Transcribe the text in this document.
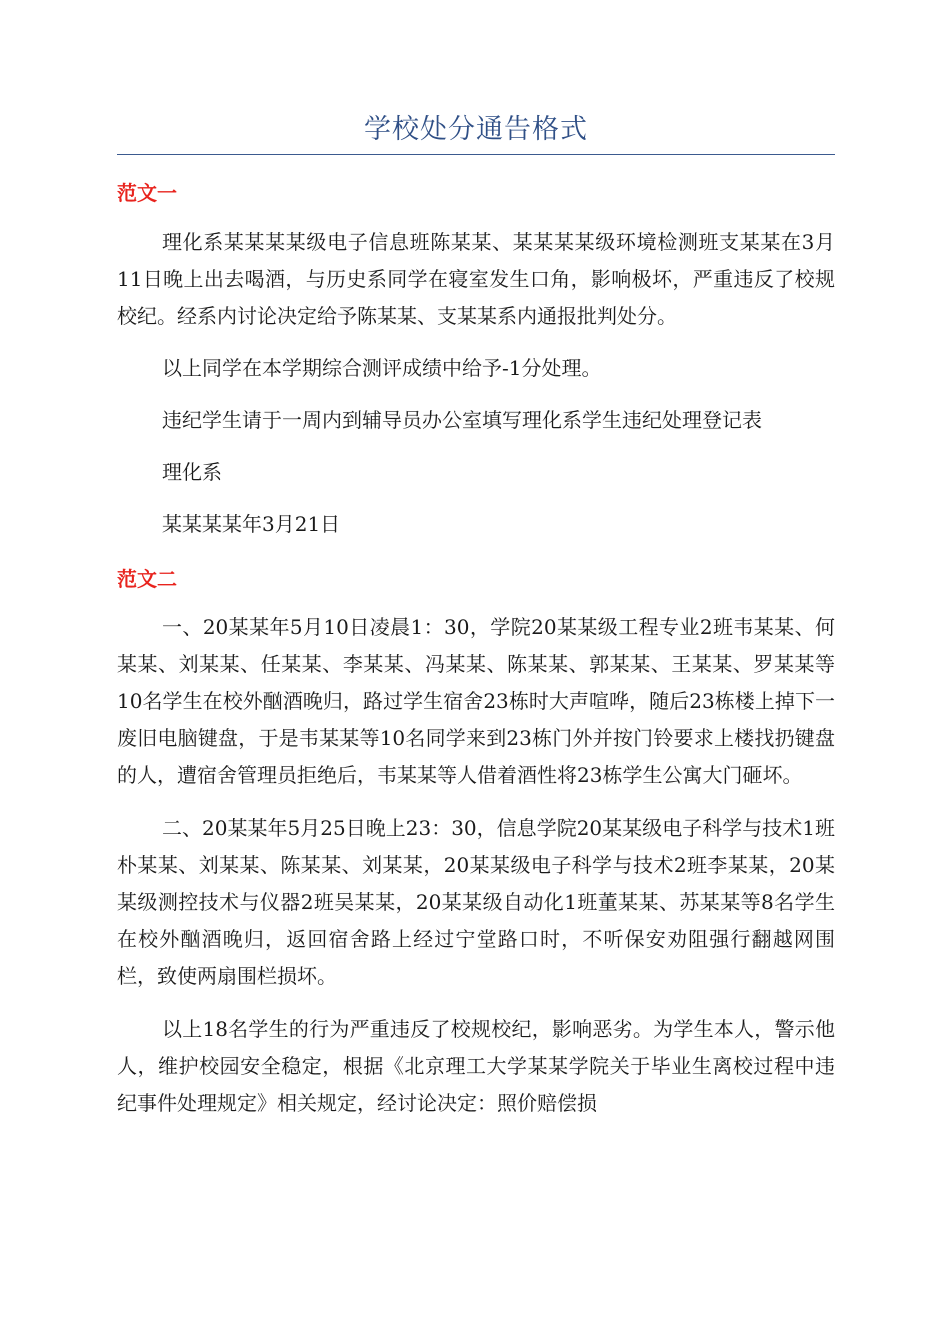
学校处分通告格式
范文一

理化系某某某某级电子信息班陈某某、某某某某级环境检测班支某某在3月11日晚上出去喝酒，与历史系同学在寝室发生口角，影响极坏，严重违反了校规校纪。经系内讨论决定给予陈某某、支某某系内通报批判处分。

以上同学在本学期综合测评成绩中给予-1分处理。

违纪学生请于一周内到辅导员办公室填写理化系学生违纪处理登记表

理化系

某某某某年3月21日

范文二

一、20某某年5月10日凌晨1：30，学院20某某级工程专业2班韦某某、何某某、刘某某、任某某、李某某、冯某某、陈某某、郭某某、王某某、罗某某等10名学生在校外酗酒晚归，路过学生宿舍23栋时大声喧哗，随后23栋楼上掉下一废旧电脑键盘，于是韦某某等10名同学来到23栋门外并按门铃要求上楼找扔键盘的人，遭宿舍管理员拒绝后，韦某某等人借着酒性将23栋学生公寓大门砸坏。

二、20某某年5月25日晚上23：30，信息学院20某某级电子科学与技术1班朴某某、刘某某、陈某某、刘某某，20某某级电子科学与技术2班李某某，20某某级测控技术与仪器2班吴某某，20某某级自动化1班董某某、苏某某等8名学生在校外酗酒晚归，返回宿舍路上经过宁堂路口时，不听保安劝阻强行翻越网围栏，致使两扇围栏损坏。

以上18名学生的行为严重违反了校规校纪，影响恶劣。为学生本人，警示他人，维护校园安全稳定，根据《北京理工大学某某学院关于毕业生离校过程中违纪事件处理规定》相关规定，经讨论决定：照价赔偿损
